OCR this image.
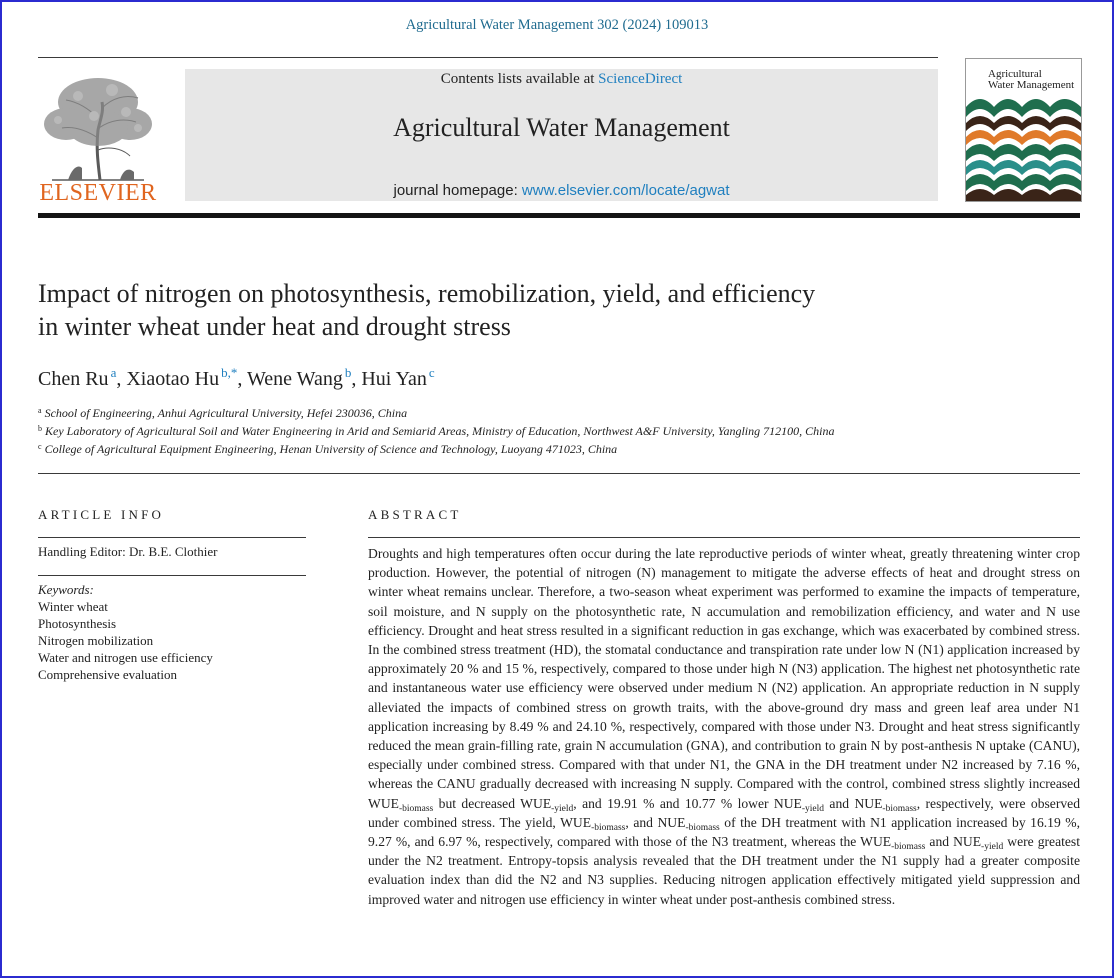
Agricultural Water Management 302 (2024) 109013
ELSEVIER
Contents lists available at ScienceDirect
Agricultural Water Management
journal homepage: www.elsevier.com/locate/agwat
Agricultural
Water Management
Impact of nitrogen on photosynthesis, remobilization, yield, and efficiency
in winter wheat under heat and drought stress
Chen Ru $^a$, Xiaotao Hu $^{b,*}$, Wene Wang $^b$, Hui Yan $^c$
$^a$ School of Engineering, Anhui Agricultural University, Hefei 230036, China
$^b$ Key Laboratory of Agricultural Soil and Water Engineering in Arid and Semiarid Areas, Ministry of Education, Northwest A&F University, Yangling 712100, China
$^c$ College of Agricultural Equipment Engineering, Henan University of Science and Technology, Luoyang 471023, China
ARTICLE INFO
Handling Editor: Dr. B.E. Clothier
Keywords:
Winter wheat
Photosynthesis
Nitrogen mobilization
Water and nitrogen use efficiency
Comprehensive evaluation
ABSTRACT

Droughts and high temperatures often occur during the late reproductive periods of winter wheat, greatly threatening winter crop production. However, the potential of nitrogen (N) management to mitigate the adverse effects of heat and drought stress on winter wheat remains unclear. Therefore, a two-season wheat experiment was performed to examine the impacts of temperature, soil moisture, and N supply on the photosynthetic rate, N accumulation and remobilization efficiency, and water and N use efficiency. Drought and heat stress resulted in a significant reduction in gas exchange, which was exacerbated by combined stress. In the combined stress treatment (HD), the stomatal conductance and transpiration rate under low N (N1) application increased by approximately 20 % and 15 %, respectively, compared to those under high N (N3) application. The highest net photosynthetic rate and instantaneous water use efficiency were observed under medium N (N2) application. An appropriate reduction in N supply alleviated the impacts of combined stress on growth traits, with the above-ground dry mass and green leaf area under N1 application increasing by 8.49 % and 24.10 %, respectively, compared with those under N3. Drought and heat stress significantly reduced the mean grain-filling rate, grain N accumulation (GNA), and contribution to grain N by post-anthesis N uptake (CANU), especially under combined stress. Compared with that under N1, the GNA in the DH treatment under N2 increased by 7.16 %, whereas the CANU gradually decreased with increasing N supply. Compared with the control, combined stress slightly increased $WUE_{-biomass}$ but decreased $WUE_{-yield}$, and 19.91 % and 10.77 % lower $NUE_{-yield}$ and $NUE_{-biomass}$, respectively, were observed under combined stress. The yield, $WUE_{-biomass}$, and $NUE_{-biomass}$ of the DH treatment with N1 application increased by 16.19 %, 9.27 %, and 6.97 %, respectively, compared with those of the N3 treatment, whereas the $WUE_{-biomass}$ and $NUE_{-yield}$ were greatest under the N2 treatment. Entropy-topsis analysis revealed that the DH treatment under the N1 supply had a greater composite evaluation index than did the N2 and N3 supplies. Reducing nitrogen application effectively mitigated yield suppression and improved water and nitrogen use efficiency in winter wheat under post-anthesis combined stress.
